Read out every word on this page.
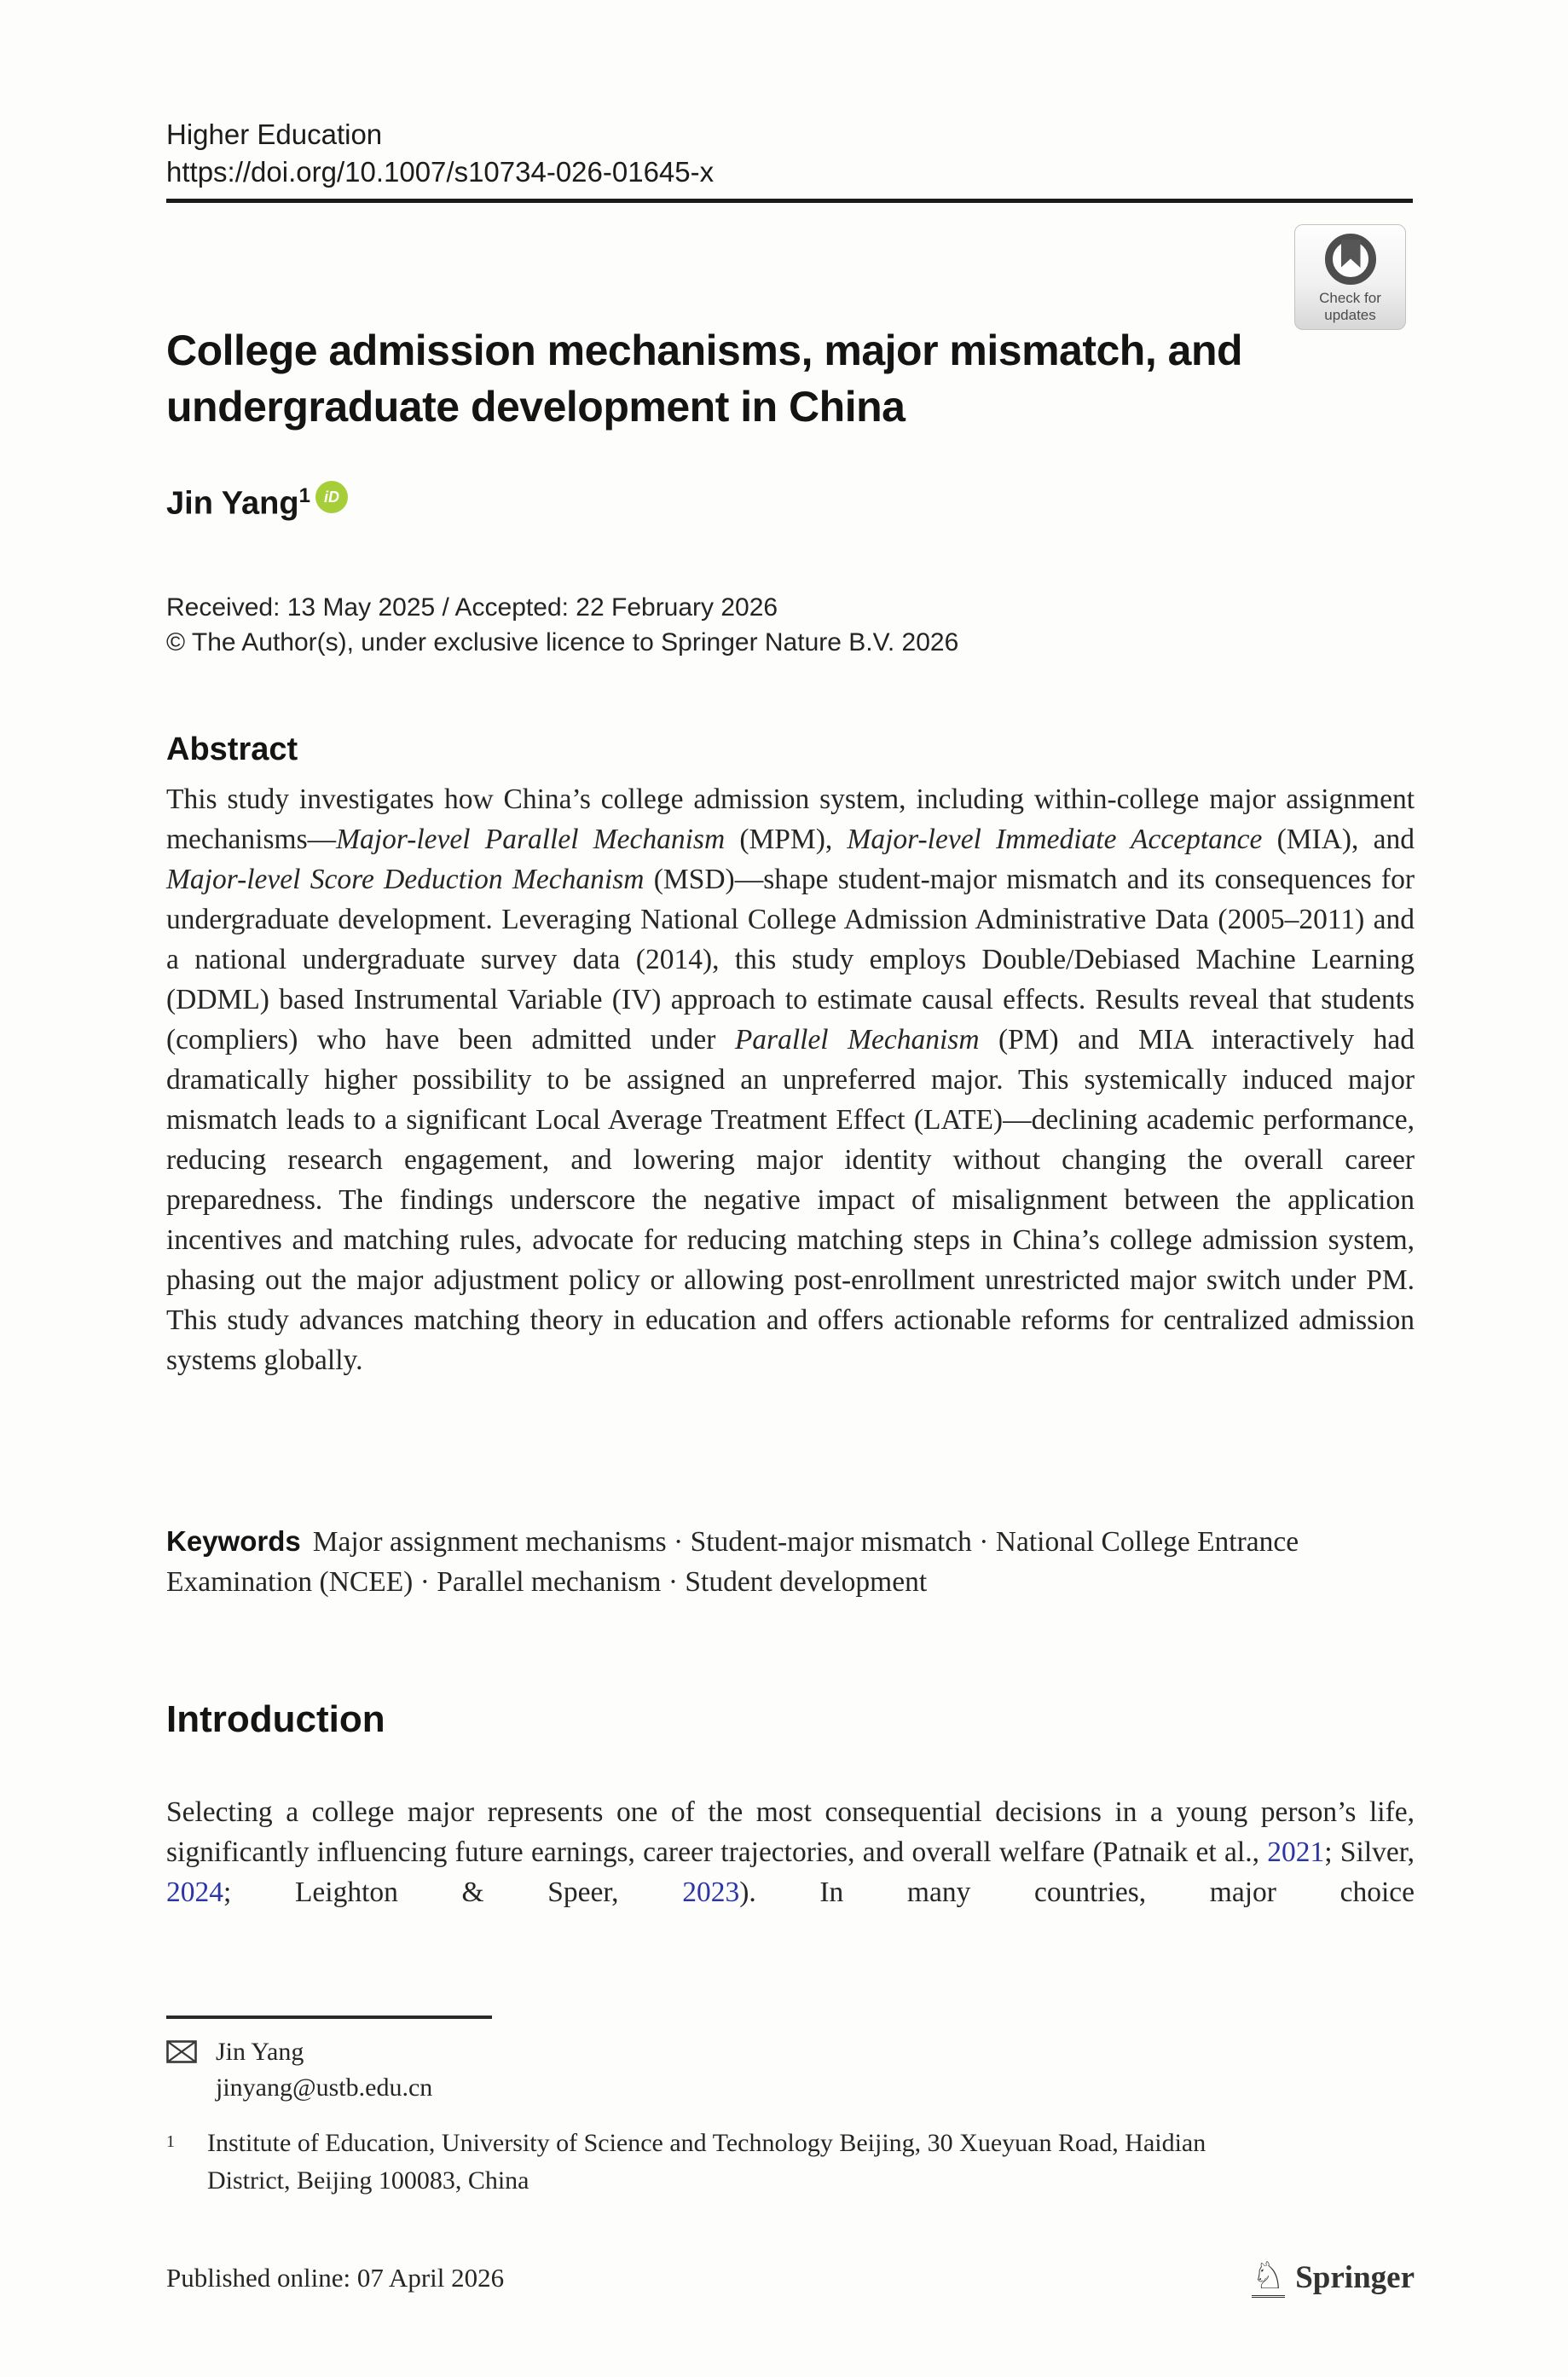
Higher Education
https://doi.org/10.1007/s10734-026-01645-x
Check for
updates
College admission mechanisms, major mismatch, and undergraduate development in China
Jin Yang$^1$ iD
Received: 13 May 2025 / Accepted: 22 February 2026
© The Author(s), under exclusive licence to Springer Nature B.V. 2026
Abstract

This study investigates how China’s college admission system, including within-college major assignment mechanisms—Major-level Parallel Mechanism (MPM), Major-level Immediate Acceptance (MIA), and Major-level Score Deduction Mechanism (MSD)—shape student-major mismatch and its consequences for undergraduate development. Leveraging National College Admission Administrative Data (2005–2011) and a national undergraduate survey data (2014), this study employs Double/Debiased Machine Learning (DDML) based Instrumental Variable (IV) approach to estimate causal effects. Results reveal that students (compliers) who have been admitted under Parallel Mechanism (PM) and MIA interactively had dramatically higher possibility to be assigned an unpreferred major. This systemically induced major mismatch leads to a significant Local Average Treatment Effect (LATE)—declining academic performance, reducing research engagement, and lowering major identity without changing the overall career preparedness. The findings underscore the negative impact of misalignment between the application incentives and matching rules, advocate for reducing matching steps in China’s college admission system, phasing out the major adjustment policy or allowing post-enrollment unrestricted major switch under PM. This study advances matching theory in education and offers actionable reforms for centralized admission systems globally.

Keywords Major assignment mechanisms · Student-major mismatch · National College Entrance Examination (NCEE) · Parallel mechanism · Student development
Introduction

Selecting a college major represents one of the most consequential decisions in a young person’s life, significantly influencing future earnings, career trajectories, and overall welfare (Patnaik et al., 2021; Silver, 2024; Leighton & Speer, 2023). In many countries, major choice

Jin Yang
jinyang@ustb.edu.cn
1 Institute of Education, University of Science and Technology Beijing, 30 Xueyuan Road, Haidian District, Beijing 100083, China
Published online: 07 April 2026	♘ Springer
